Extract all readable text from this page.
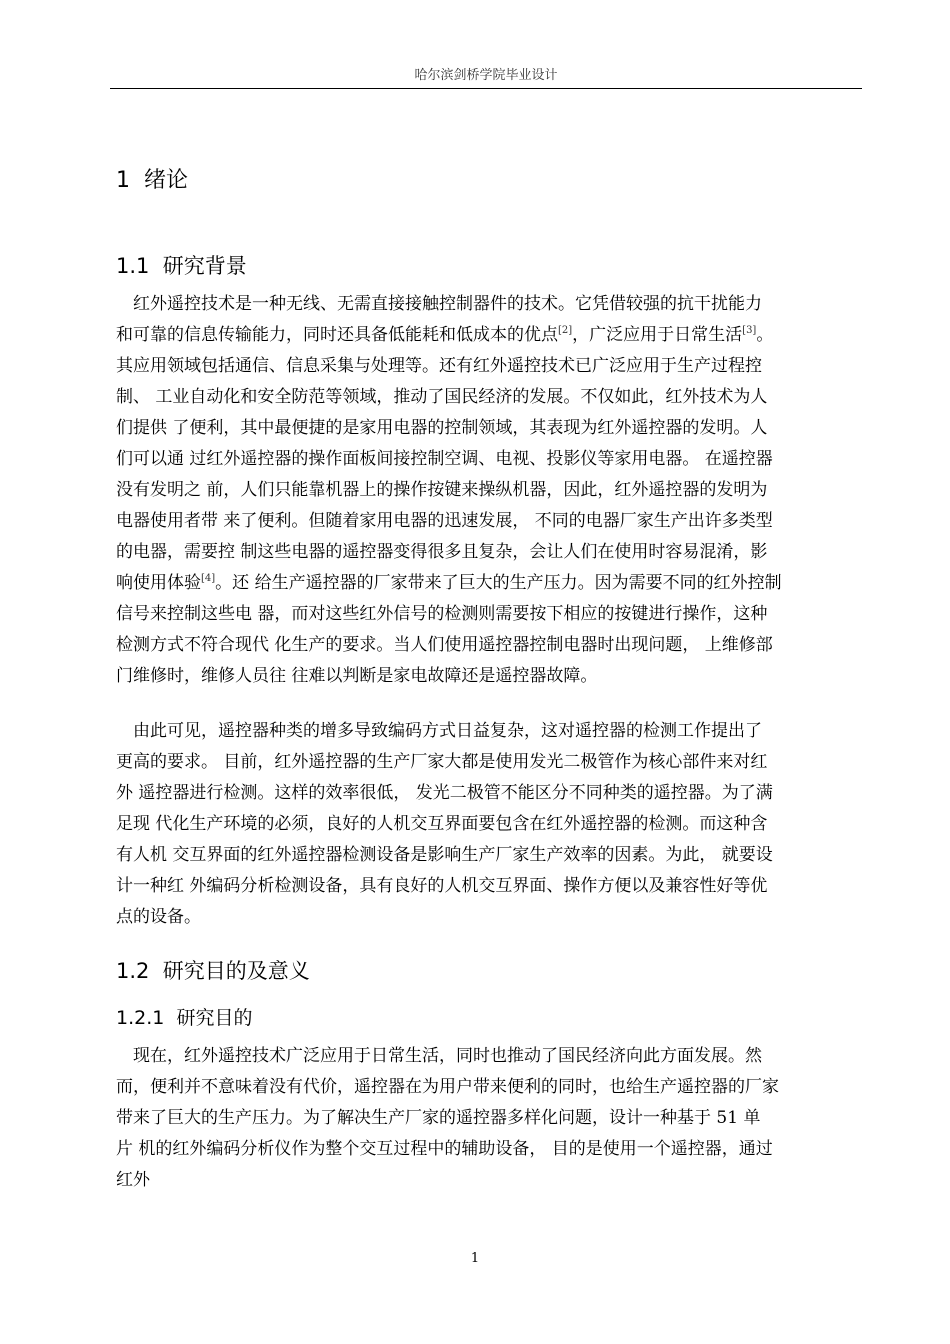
哈尔滨剑桥学院毕业设计
1 绪论
1.1 研究背景
　红外遥控技术是一种无线、无需直接接触控制器件的技术。它凭借较强的抗干扰能力
和可靠的信息传输能力，同时还具备低能耗和低成本的优点[2]，广泛应用于日常生活[3]。
其应用领域包括通信、信息采集与处理等。还有红外遥控技术已广泛应用于生产过程控
制、 工业自动化和安全防范等领域，推动了国民经济的发展。不仅如此，红外技术为人
们提供 了便利，其中最便捷的是家用电器的控制领域，其表现为红外遥控器的发明。人
们可以通 过红外遥控器的操作面板间接控制空调、电视、投影仪等家用电器。 在遥控器
没有发明之 前，人们只能靠机器上的操作按键来操纵机器，因此，红外遥控器的发明为
电器使用者带 来了便利。但随着家用电器的迅速发展， 不同的电器厂家生产出许多类型
的电器，需要控 制这些电器的遥控器变得很多且复杂，会让人们在使用时容易混淆，影
响使用体验[4]。还 给生产遥控器的厂家带来了巨大的生产压力。因为需要不同的红外控制
信号来控制这些电 器，而对这些红外信号的检测则需要按下相应的按键进行操作，这种
检测方式不符合现代 化生产的要求。当人们使用遥控器控制电器时出现问题， 上维修部
门维修时，维修人员往 往难以判断是家电故障还是遥控器故障。
　由此可见，遥控器种类的增多导致编码方式日益复杂，这对遥控器的检测工作提出了
更高的要求。 目前，红外遥控器的生产厂家大都是使用发光二极管作为核心部件来对红
外 遥控器进行检测。这样的效率很低， 发光二极管不能区分不同种类的遥控器。为了满
足现 代化生产环境的必须，良好的人机交互界面要包含在红外遥控器的检测。而这种含
有人机 交互界面的红外遥控器检测设备是影响生产厂家生产效率的因素。为此， 就要设
计一种红 外编码分析检测设备，具有良好的人机交互界面、操作方便以及兼容性好等优
点的设备。
1.2 研究目的及意义
1.2.1 研究目的
　现在，红外遥控技术广泛应用于日常生活，同时也推动了国民经济向此方面发展。然
而，便利并不意味着没有代价，遥控器在为用户带来便利的同时，也给生产遥控器的厂家
带来了巨大的生产压力。为了解决生产厂家的遥控器多样化问题，设计一种基于 51 单
片 机的红外编码分析仪作为整个交互过程中的辅助设备， 目的是使用一个遥控器，通过
红外
1
